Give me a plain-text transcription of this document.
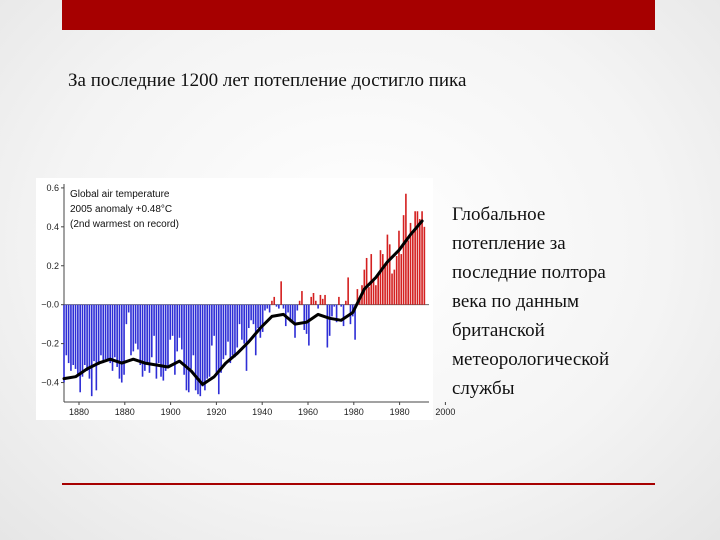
За последние 1200 лет потепление достигло пика
0.6
0.4
0.2
−0.0
−0.2
−0.4
1880	1880	1900	1920	1940	1960	1980	1980	2000
Global air temperature
2005 anomaly +0.48°C
(2nd warmest on record)	Глобальное
потепление за
последние полтора
века по данным
британской
метеорологической
службы
